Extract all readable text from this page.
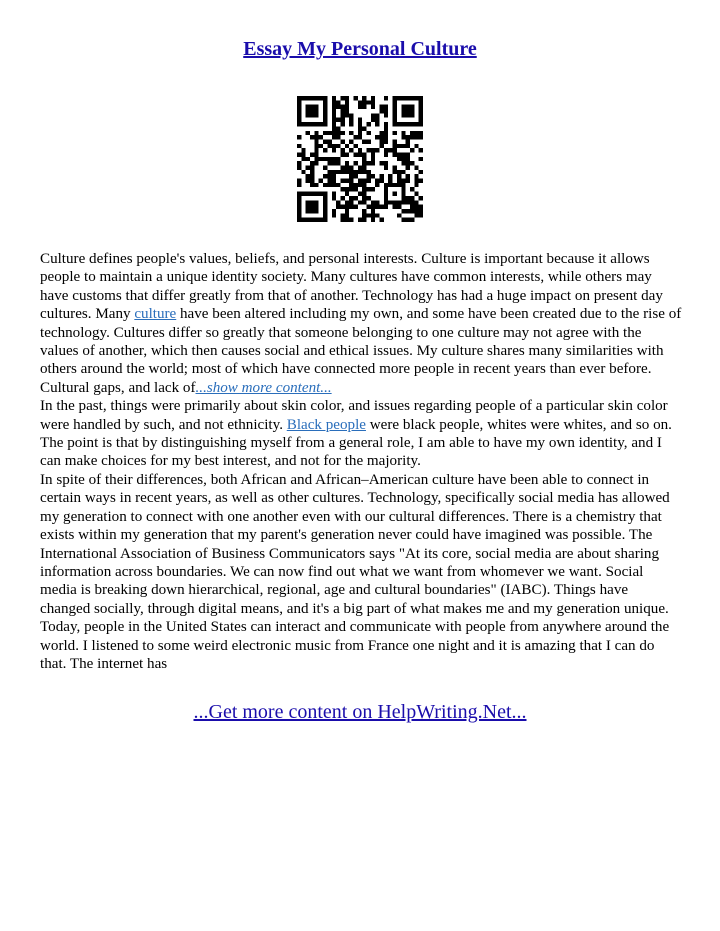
Essay My Personal Culture

Culture defines people's values, beliefs, and personal interests. Culture is important because it allows people to maintain a unique identity society. Many cultures have common interests, while others may have customs that differ greatly from that of another. Technology has had a huge impact on present day cultures. Many culture have been altered including my own, and some have been created due to the rise of technology. Cultures differ so greatly that someone belonging to one culture may not agree with the values of another, which then causes social and ethical issues. My culture shares many similarities with others around the world; most of which have connected more people in recent years than ever before. Cultural gaps, and lack of...show more content...

In the past, things were primarily about skin color, and issues regarding people of a particular skin color were handled by such, and not ethnicity. Black people were black people, whites were whites, and so on. The point is that by distinguishing myself from a general role, I am able to have my own identity, and I can make choices for my best interest, and not for the majority.

In spite of their differences, both African and African–American culture have been able to connect in certain ways in recent years, as well as other cultures. Technology, specifically social media has allowed my generation to connect with one another even with our cultural differences. There is a chemistry that exists within my generation that my parent's generation never could have imagined was possible. The International Association of Business Communicators says "At its core, social media are about sharing information across boundaries. We can now find out what we want from whomever we want. Social media is breaking down hierarchical, regional, age and cultural boundaries" (IABC). Things have changed socially, through digital means, and it's a big part of what makes me and my generation unique. Today, people in the United States can interact and communicate with people from anywhere around the world. I listened to some weird electronic music from France one night and it is amazing that I can do that. The internet has

...Get more content on HelpWriting.Net...
